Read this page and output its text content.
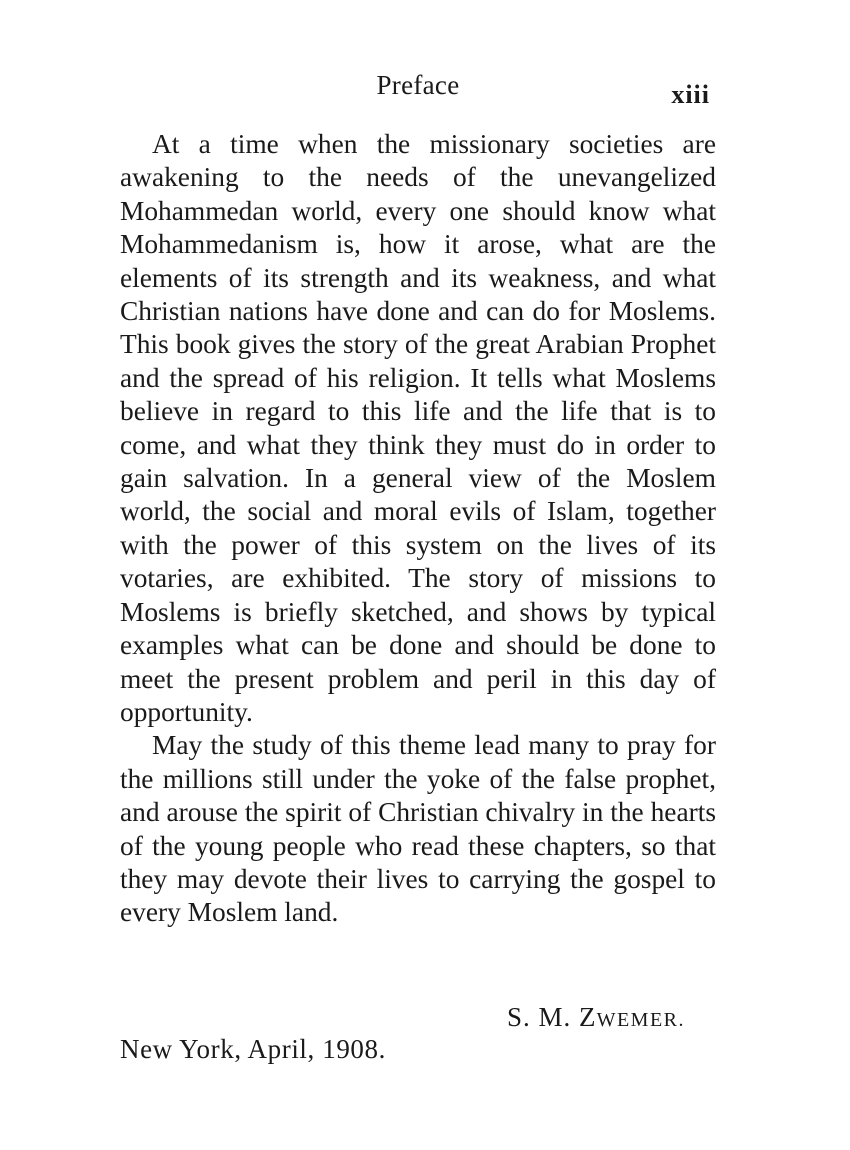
Preface	xiii

At a time when the missionary societies are awakening to the needs of the unevangelized Mohammedan world, every one should know what Mohammedanism is, how it arose, what are the elements of its strength and its weakness, and what Christian nations have done and can do for Moslems. This book gives the story of the great Arabian Prophet and the spread of his religion. It tells what Moslems believe in regard to this life and the life that is to come, and what they think they must do in order to gain salvation. In a general view of the Moslem world, the social and moral evils of Islam, together with the power of this system on the lives of its votaries, are exhibited. The story of missions to Moslems is briefly sketched, and shows by typical examples what can be done and should be done to meet the present problem and peril in this day of opportunity.

May the study of this theme lead many to pray for the millions still under the yoke of the false prophet, and arouse the spirit of Christian chivalry in the hearts of the young people who read these chapters, so that they may devote their lives to carrying the gospel to every Moslem land.

S. M. ZWEMER.
New York, April, 1908.
